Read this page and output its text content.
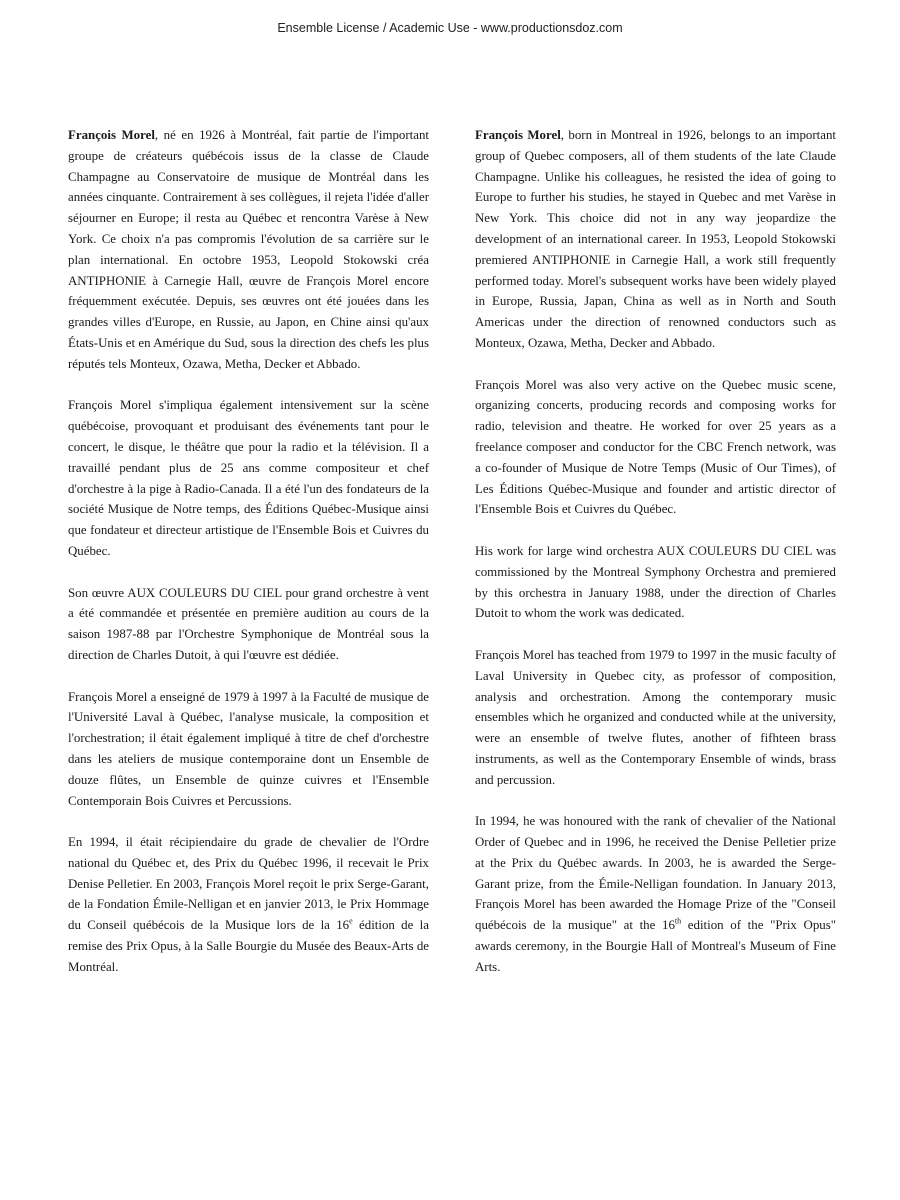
Ensemble License / Academic Use - www.productionsdoz.com

François Morel, né en 1926 à Montréal, fait partie de l'important groupe de créateurs québécois issus de la classe de Claude Champagne au Conservatoire de musique de Montréal dans les années cinquante. Contrairement à ses collègues, il rejeta l'idée d'aller séjourner en Europe; il resta au Québec et rencontra Varèse à New York. Ce choix n'a pas compromis l'évolution de sa carrière sur le plan international. En octobre 1953, Leopold Stokowski créa ANTIPHONIE à Carnegie Hall, œuvre de François Morel encore fréquemment exécutée. Depuis, ses œuvres ont été jouées dans les grandes villes d'Europe, en Russie, au Japon, en Chine ainsi qu'aux États-Unis et en Amérique du Sud, sous la direction des chefs les plus réputés tels Monteux, Ozawa, Metha, Decker et Abbado.

François Morel s'impliqua également intensivement sur la scène québécoise, provoquant et produisant des événements tant pour le concert, le disque, le théâtre que pour la radio et la télévision. Il a travaillé pendant plus de 25 ans comme compositeur et chef d'orchestre à la pige à Radio-Canada. Il a été l'un des fondateurs de la société Musique de Notre temps, des Éditions Québec-Musique ainsi que fondateur et directeur artistique de l'Ensemble Bois et Cuivres du Québec.

Son œuvre AUX COULEURS DU CIEL pour grand orchestre à vent a été commandée et présentée en première audition au cours de la saison 1987-88 par l'Orchestre Symphonique de Montréal sous la direction de Charles Dutoit, à qui l'œuvre est dédiée.

François Morel a enseigné de 1979 à 1997 à la Faculté de musique de l'Université Laval à Québec, l'analyse musicale, la composition et l'orchestration; il était également impliqué à titre de chef d'orchestre dans les ateliers de musique contemporaine dont un Ensemble de douze flûtes, un Ensemble de quinze cuivres et l'Ensemble Contemporain Bois Cuivres et Percussions.

En 1994, il était récipiendaire du grade de chevalier de l'Ordre national du Québec et, des Prix du Québec 1996, il recevait le Prix Denise Pelletier. En 2003, François Morel reçoit le prix Serge-Garant, de la Fondation Émile-Nelligan et en janvier 2013, le Prix Hommage du Conseil québécois de la Musique lors de la 16e édition de la remise des Prix Opus, à la Salle Bourgie du Musée des Beaux-Arts de Montréal.

François Morel, born in Montreal in 1926, belongs to an important group of Quebec composers, all of them students of the late Claude Champagne. Unlike his colleagues, he resisted the idea of going to Europe to further his studies, he stayed in Quebec and met Varèse in New York. This choice did not in any way jeopardize the development of an international career. In 1953, Leopold Stokowski premiered ANTIPHONIE in Carnegie Hall, a work still frequently performed today. Morel's subsequent works have been widely played in Europe, Russia, Japan, China as well as in North and South Americas under the direction of renowned conductors such as Monteux, Ozawa, Metha, Decker and Abbado.

François Morel was also very active on the Quebec music scene, organizing concerts, producing records and composing works for radio, television and theatre. He worked for over 25 years as a freelance composer and conductor for the CBC French network, was a co-founder of Musique de Notre Temps (Music of Our Times), of Les Éditions Québec-Musique and founder and artistic director of l'Ensemble Bois et Cuivres du Québec.

His work for large wind orchestra AUX COULEURS DU CIEL was commissioned by the Montreal Symphony Orchestra and premiered by this orchestra in January 1988, under the direction of Charles Dutoit to whom the work was dedicated.

François Morel has teached from 1979 to 1997 in the music faculty of Laval University in Quebec city, as professor of composition, analysis and orchestration. Among the contemporary music ensembles which he organized and conducted while at the university, were an ensemble of twelve flutes, another of fifhteen brass instruments, as well as the Contemporary Ensemble of winds, brass and percussion.

In 1994, he was honoured with the rank of chevalier of the National Order of Quebec and in 1996, he received the Denise Pelletier prize at the Prix du Québec awards. In 2003, he is awarded the Serge-Garant prize, from the Émile-Nelligan foundation. In January 2013, François Morel has been awarded the Homage Prize of the "Conseil québécois de la musique" at the 16th edition of the "Prix Opus" awards ceremony, in the Bourgie Hall of Montreal's Museum of Fine Arts.
